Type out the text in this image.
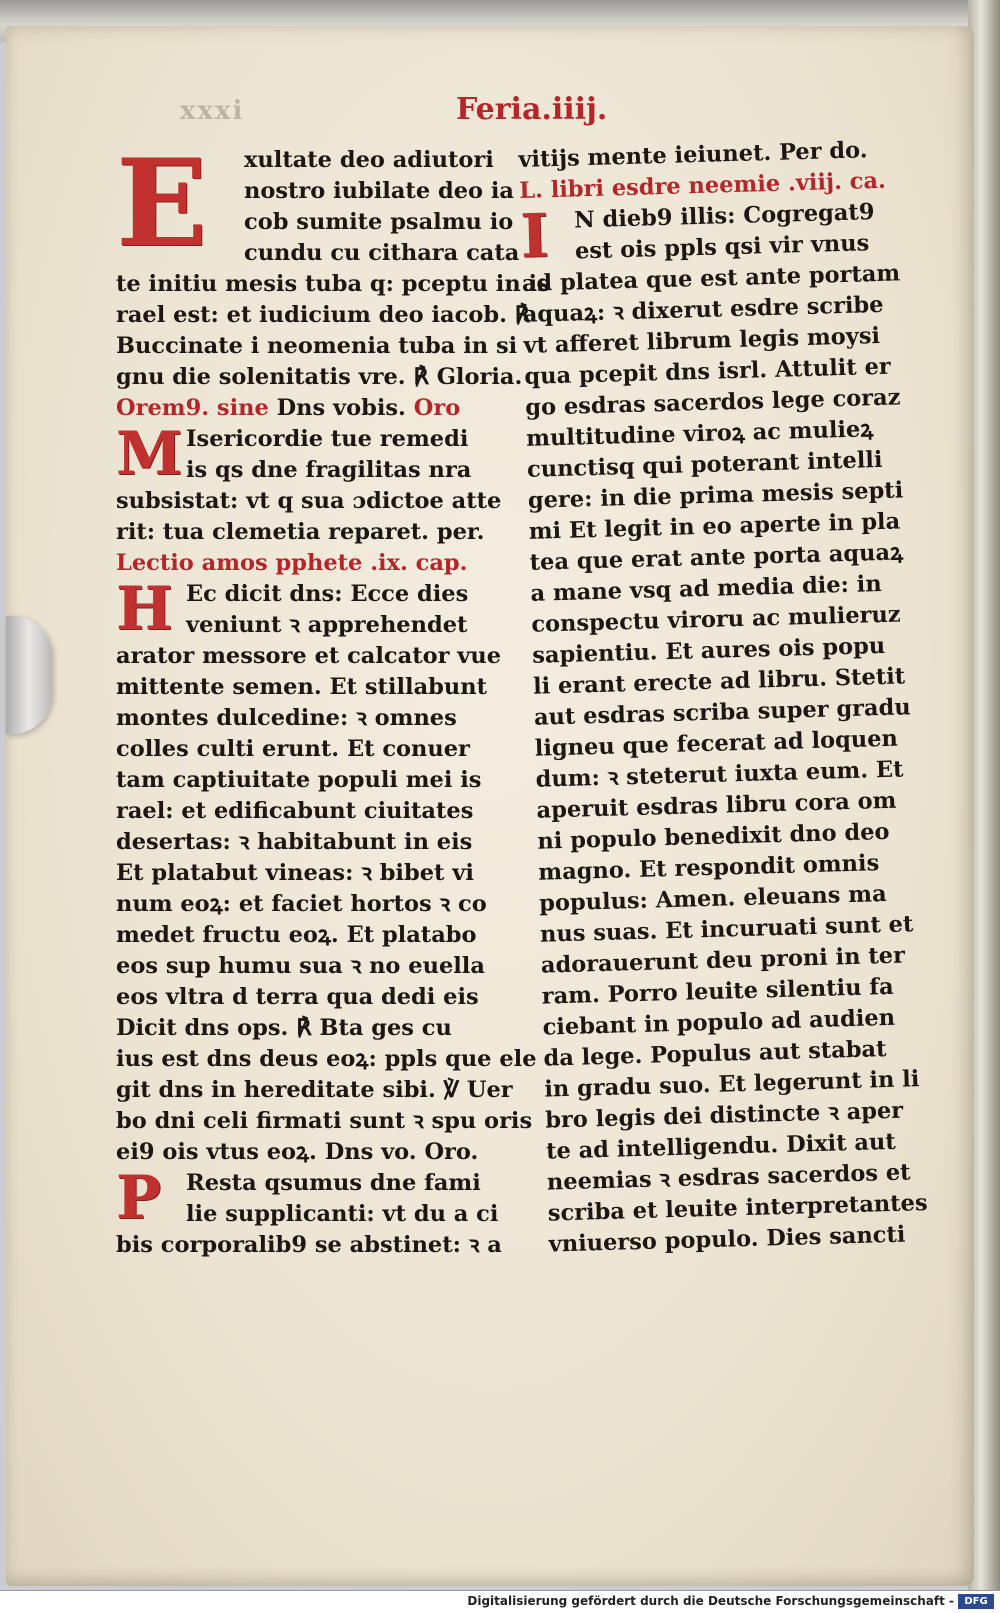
xxxi	Feria.iiij.
E	xultate deo adiutori
nostro iubilate deo ia
cob sumite psalmu io
cundu cu cithara cata
te initiu mesis tuba q: pceptu in is
rael est: et iudicium deo iacob. ℟
Buccinate i neomenia tuba in si
gnu die solenitatis vre. ℟ Gloria.
Orem9. sine Dns vobis. Oro
M Isericordie tue remedi
is qs dne fragilitas nra
subsistat: vt q sua ɔdictoe atte
rit: tua clemetia reparet. per.
Lectio amos pphete .ix. cap.
H Ec dicit dns: Ecce dies
veniunt ꝛ apprehendet
arator messore et calcator vue
mittente semen. Et stillabunt
montes dulcedine: ꝛ omnes
colles culti erunt. Et conuer
tam captiuitate populi mei is
rael: et edificabunt ciuitates
desertas: ꝛ habitabunt in eis
Et platabut vineas: ꝛ bibet vi
num eoꝝ: et faciet hortos ꝛ co
medet fructu eoꝝ. Et platabo
eos sup humu sua ꝛ no euella
eos vltra d terra qua dedi eis
Dicit dns ops. ℟ Bta ges cu
ius est dns deus eoꝝ: ppls que ele
git dns in hereditate sibi. ℣ Uer
bo dni celi firmati sunt ꝛ spu oris
ei9 ois vtus eoꝝ. Dns vo. Oro.
P	Resta qsumus dne fami
lie supplicanti: vt du a ci
bis corporalib9 se abstinet: ꝛ a
vitijs mente ieiunet. Per do.
L. libri esdre neemie .viij. ca.
I	N dieb9 illis: Cogregat9
est ois ppls qsi vir vnus
ad platea que est ante portam
aquaꝝ: ꝛ dixerut esdre scribe
vt afferet librum legis moysi
qua pcepit dns isrl. Attulit er
go esdras sacerdos lege coraz
multitudine viroꝝ ac mulieꝝ
cunctisq qui poterant intelli
gere: in die prima mesis septi
mi Et legit in eo aperte in pla
tea que erat ante porta aquaꝝ
a mane vsq ad media die: in
conspectu viroru ac mulieruz
sapientiu. Et aures ois popu
li erant erecte ad libru. Stetit
aut esdras scriba super gradu
ligneu que fecerat ad loquen
dum: ꝛ steterut iuxta eum. Et
aperuit esdras libru cora om
ni populo benedixit dno deo
magno. Et respondit omnis
populus: Amen. eleuans ma
nus suas. Et incuruati sunt et
adorauerunt deu proni in ter
ram. Porro leuite silentiu fa
ciebant in populo ad audien
da lege. Populus aut stabat
in gradu suo. Et legerunt in li
bro legis dei distincte ꝛ aper
te ad intelligendu. Dixit aut
neemias ꝛ esdras sacerdos et
scriba et leuite interpretantes
vniuerso populo. Dies sancti
Digitalisierung gefördert durch die Deutsche Forschungsgemeinschaft -	DFG
